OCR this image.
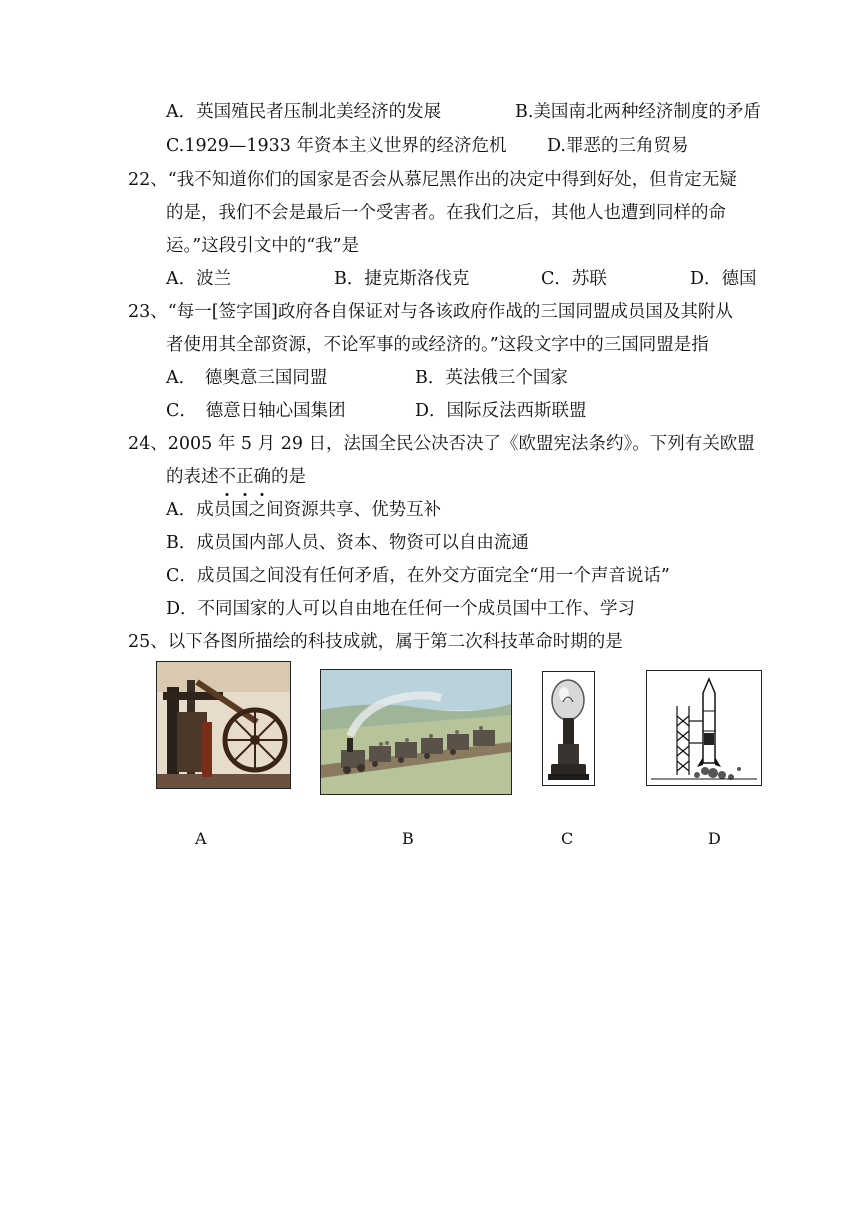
A．英国殖民者压制北美经济的发展	B.美国南北两种经济制度的矛盾
C.1929—1933 年资本主义世界的经济危机 D.罪恶的三角贸易
22、“我不知道你们的国家是否会从慕尼黑作出的决定中得到好处，但肯定无疑
的是，我们不会是最后一个受害者。在我们之后，其他人也遭到同样的命
运。”这段引文中的“我”是
A．波兰	B．捷克斯洛伐克	C．苏联	D．德国
23、“每一[签字国]政府各自保证对与各该政府作战的三国同盟成员国及其附从
者使用其全部资源，不论军事的或经济的。”这段文字中的三国同盟是指
A．　德奥意三国同盟	B．英法俄三个国家
C．　德意日轴心国集团	D．国际反法西斯联盟
24、2005 年 5 月 29 日，法国全民公决否决了《欧盟宪法条约》。下列有关欧盟
的表述不
正
确
的是
A．成员国之间资源共享、优势互补
B．成员国内部人员、资本、物资可以自由流通
C．成员国之间没有任何矛盾，在外交方面完全“用一个声音说话”
D．不同国家的人可以自由地在任何一个成员国中工作、学习
25、以下各图所描绘的科技成就，属于第二次科技革命时期的是
A	B	C	D
